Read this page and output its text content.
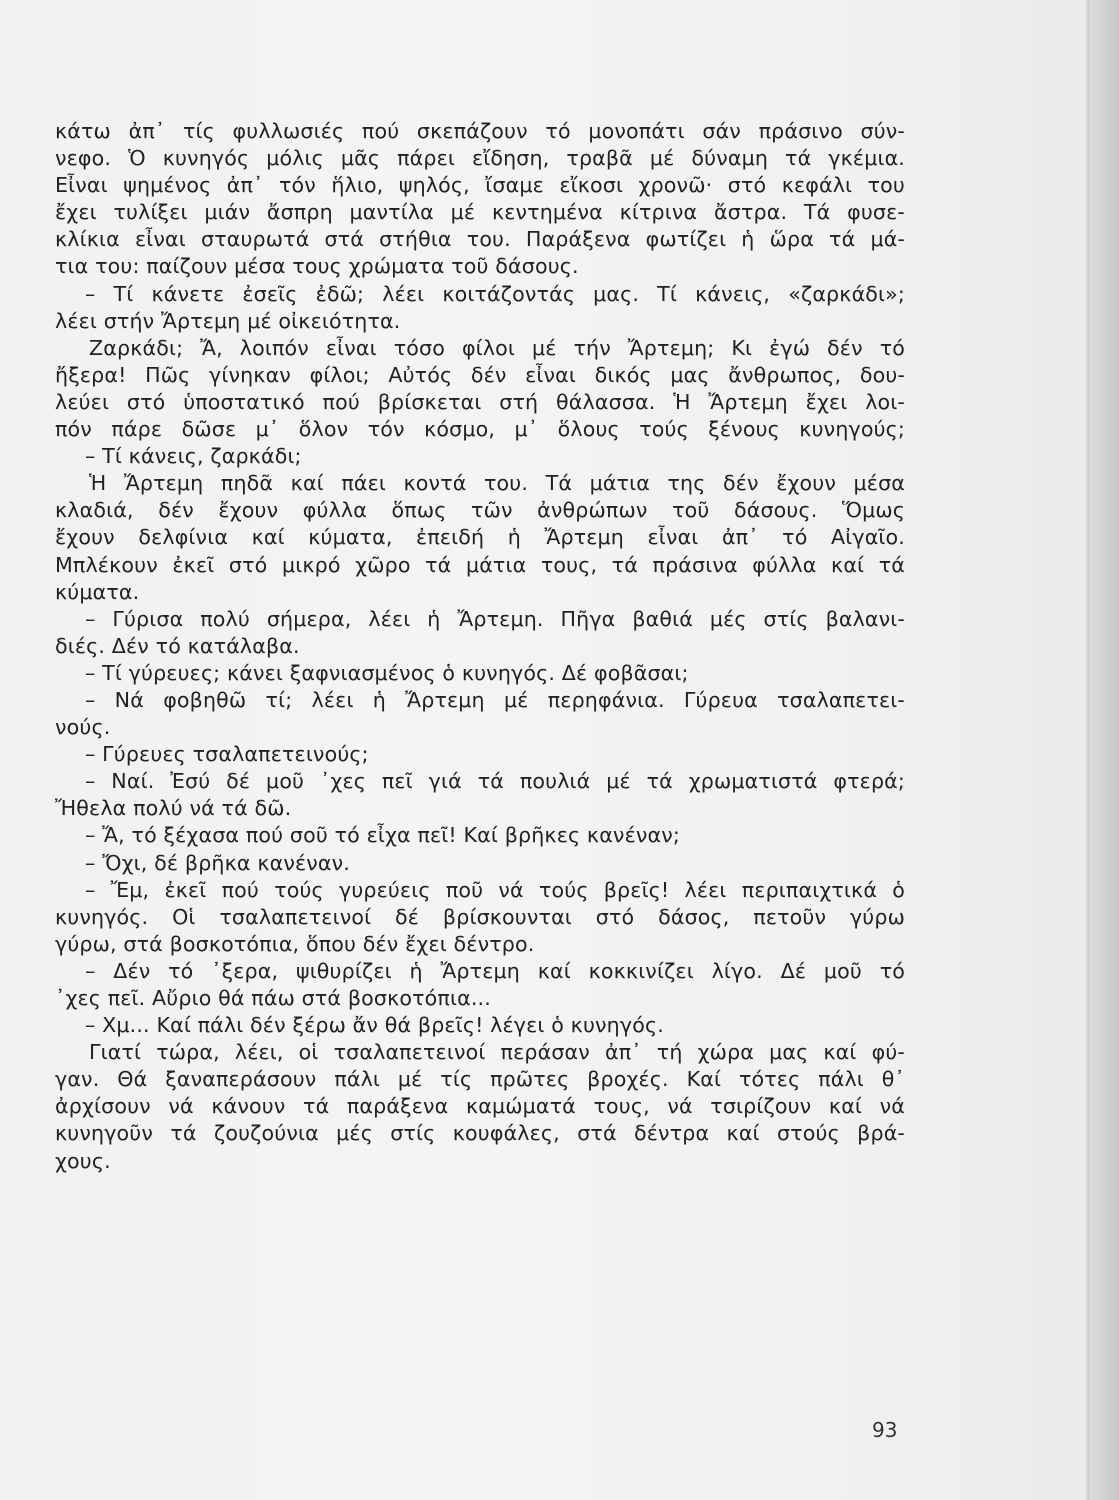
κάτω ἀπ᾿ τίς φυλλωσιές πού σκεπάζουν τό μονοπάτι σάν πράσινο σύν-
νεφο. Ὁ κυνηγός μόλις μᾶς πάρει εἴδηση, τραβᾶ μέ δύναμη τά γκέμια.
Εἶναι ψημένος ἀπ᾿ τόν ἥλιο, ψηλός, ἴσαμε εἴκοσι χρονῶ· στό κεφάλι του
ἔχει τυλίξει μιάν ἄσπρη μαντίλα μέ κεντημένα κίτρινα ἄστρα. Τά φυσε-
κλίκια εἶναι σταυρωτά στά στήθια του. Παράξενα φωτίζει ἡ ὥρα τά μά-
τια του: παίζουν μέσα τους χρώματα τοῦ δάσους.
– Τί κάνετε ἐσεῖς ἐδῶ; λέει κοιτάζοντάς μας. Τί κάνεις, «ζαρκάδι»;
λέει στήν Ἄρτεμη μέ οἰκειότητα.
Ζαρκάδι; Ἄ, λοιπόν εἶναι τόσο φίλοι μέ τήν Ἄρτεμη; Κι ἐγώ δέν τό
ἤξερα! Πῶς γίνηκαν φίλοι; Αὐτός δέν εἶναι δικός μας ἄνθρωπος, δου-
λεύει στό ὑποστατικό πού βρίσκεται στή θάλασσα. Ἡ Ἄρτεμη ἔχει λοι-
πόν πάρε δῶσε μ᾿ ὅλον τόν κόσμο, μ᾿ ὅλους τούς ξένους κυνηγούς;
– Τί κάνεις, ζαρκάδι;
Ἡ Ἄρτεμη πηδᾶ καί πάει κοντά του. Τά μάτια της δέν ἔχουν μέσα
κλαδιά, δέν ἔχουν φύλλα ὅπως τῶν ἀνθρώπων τοῦ δάσους. Ὅμως
ἔχουν δελφίνια καί κύματα, ἐπειδή ἡ Ἄρτεμη εἶναι ἀπ᾿ τό Αἰγαῖο.
Μπλέκουν ἐκεῖ στό μικρό χῶρο τά μάτια τους, τά πράσινα φύλλα καί τά
κύματα.
– Γύρισα πολύ σήμερα, λέει ἡ Ἄρτεμη. Πῆγα βαθιά μές στίς βαλανι-
διές. Δέν τό κατάλαβα.
– Τί γύρευες; κάνει ξαφνιασμένος ὁ κυνηγός. Δέ φοβᾶσαι;
– Νά φοβηθῶ τί; λέει ἡ Ἄρτεμη μέ περηφάνια. Γύρευα τσαλαπετει-
νούς.
– Γύρευες τσαλαπετεινούς;
– Ναί. Ἐσύ δέ μοῦ ᾿χες πεῖ γιά τά πουλιά μέ τά χρωματιστά φτερά;
Ἤθελα πολύ νά τά δῶ.
– Ἄ, τό ξέχασα πού σοῦ τό εἶχα πεῖ! Καί βρῆκες κανέναν;
– Ὄχι, δέ βρῆκα κανέναν.
– Ἔμ, ἐκεῖ πού τούς γυρεύεις ποῦ νά τούς βρεῖς! λέει περιπαιχτικά ὁ
κυνηγός. Οἱ τσαλαπετεινοί δέ βρίσκουνται στό δάσος, πετοῦν γύρω
γύρω, στά βοσκοτόπια, ὅπου δέν ἔχει δέντρο.
– Δέν τό ᾿ξερα, ψιθυρίζει ἡ Ἄρτεμη καί κοκκινίζει λίγο. Δέ μοῦ τό
᾿χες πεῖ. Αὔριο θά πάω στά βοσκοτόπια...
– Χμ... Καί πάλι δέν ξέρω ἄν θά βρεῖς! λέγει ὁ κυνηγός.
Γιατί τώρα, λέει, οἱ τσαλαπετεινοί περάσαν ἀπ᾿ τή χώρα μας καί φύ-
γαν. Θά ξαναπεράσουν πάλι μέ τίς πρῶτες βροχές. Καί τότες πάλι θ᾿
ἀρχίσουν νά κάνουν τά παράξενα καμώματά τους, νά τσιρίζουν καί νά
κυνηγοῦν τά ζουζούνια μές στίς κουφάλες, στά δέντρα καί στούς βρά-
χους.
93
